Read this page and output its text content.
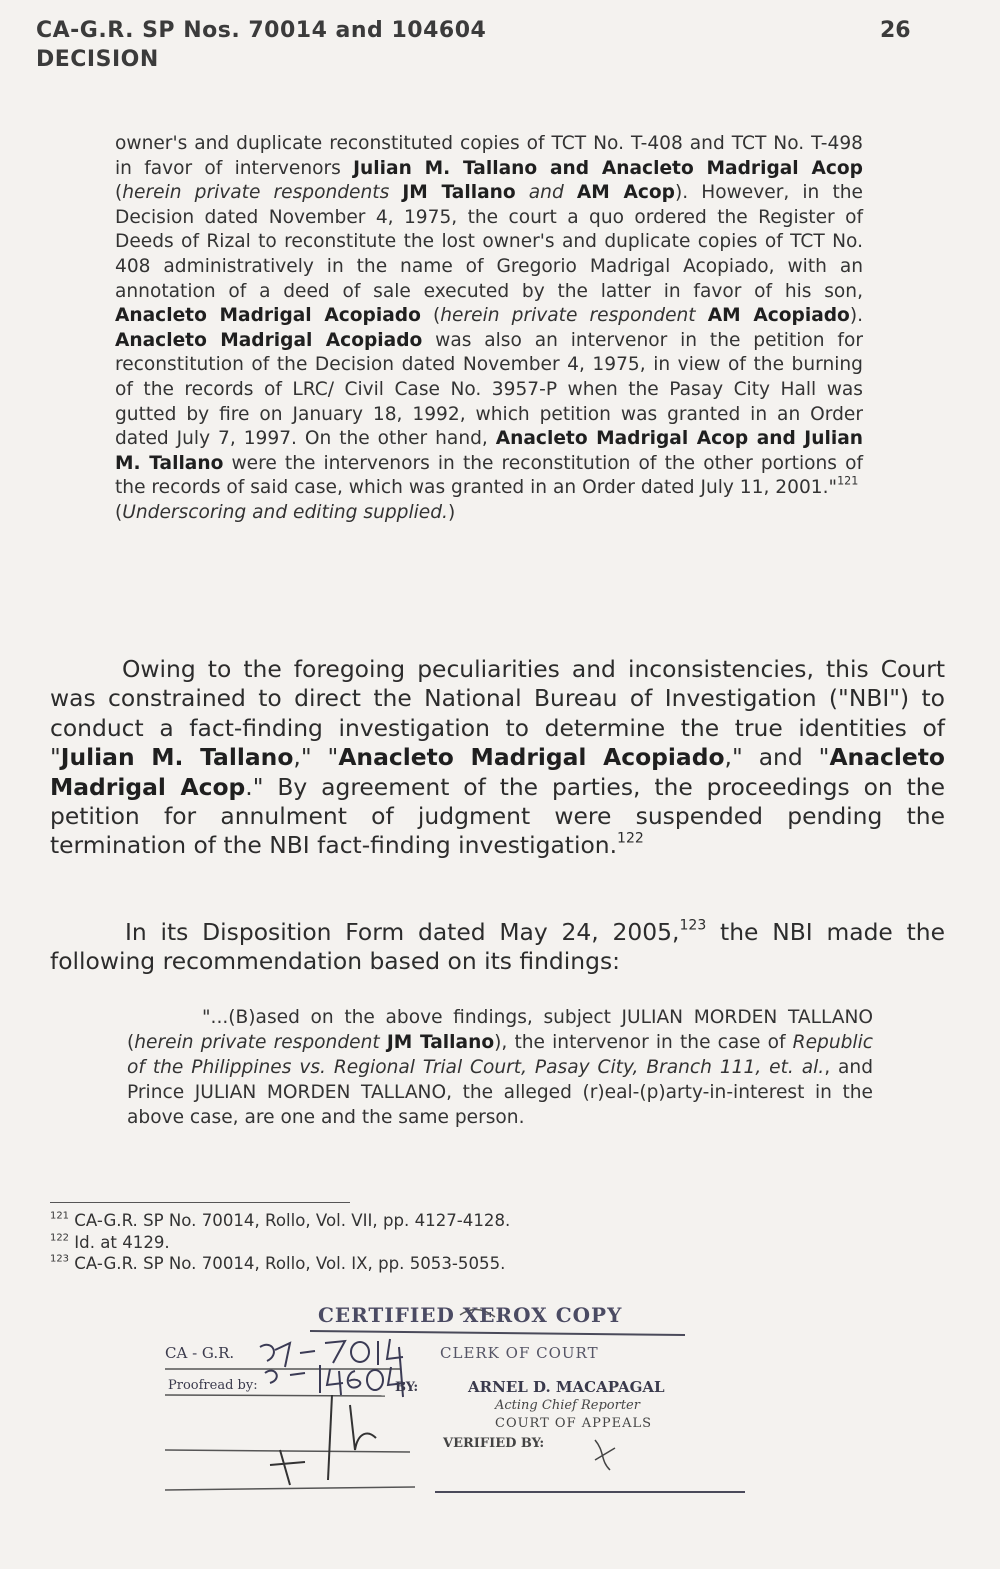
CA-G.R. SP Nos. 70014 and 104604
DECISION
26
owner's and duplicate reconstituted copies of TCT No. T-408 and TCT No. T-498 in favor of intervenors Julian M. Tallano and Anacleto Madrigal Acop (herein private respondents JM Tallano and AM Acop). However, in the Decision dated November 4, 1975, the court a quo ordered the Register of Deeds of Rizal to reconstitute the lost owner's and duplicate copies of TCT No. 408 administratively in the name of Gregorio Madrigal Acopiado, with an annotation of a deed of sale executed by the latter in favor of his son, Anacleto Madrigal Acopiado (herein private respondent AM Acopiado). Anacleto Madrigal Acopiado was also an intervenor in the petition for reconstitution of the Decision dated November 4, 1975, in view of the burning of the records of LRC/ Civil Case No. 3957-P when the Pasay City Hall was gutted by fire on January 18, 1992, which petition was granted in an Order dated July 7, 1997. On the other hand, Anacleto Madrigal Acop and Julian M. Tallano were the intervenors in the reconstitution of the other portions of the records of said case, which was granted in an Order dated July 11, 2001."$^{121}$
(Underscoring and editing supplied.)
Owing to the foregoing peculiarities and inconsistencies, this Court was constrained to direct the National Bureau of Investigation ("NBI") to conduct a fact-finding investigation to determine the true identities of "Julian M. Tallano," "Anacleto Madrigal Acopiado," and "Anacleto Madrigal Acop." By agreement of the parties, the proceedings on the petition for annulment of judgment were suspended pending the termination of the NBI fact-finding investigation.$^{122}$
In its Disposition Form dated May 24, 2005,$^{123}$ the NBI made the following recommendation based on its findings:
"...(B)ased on the above findings, subject JULIAN MORDEN TALLANO (herein private respondent JM Tallano), the intervenor in the case of Republic of the Philippines vs. Regional Trial Court, Pasay City, Branch 111, et. al., and Prince JULIAN MORDEN TALLANO, the alleged (r)eal-(p)arty-in-interest in the above case, are one and the same person.
$^{121}$ CA-G.R. SP No. 70014, Rollo, Vol. VII, pp. 4127-4128.
$^{122}$ Id. at 4129.
$^{123}$ CA-G.R. SP No. 70014, Rollo, Vol. IX, pp. 5053-5055.
CERTIFIED XEROX COPY
CA - G.R.	CLERK OF COURT
Proofread by:	BY:	ARNEL D. MACAPAGAL
Acting Chief Reporter
COURT OF APPEALS
VERIFIED BY:
